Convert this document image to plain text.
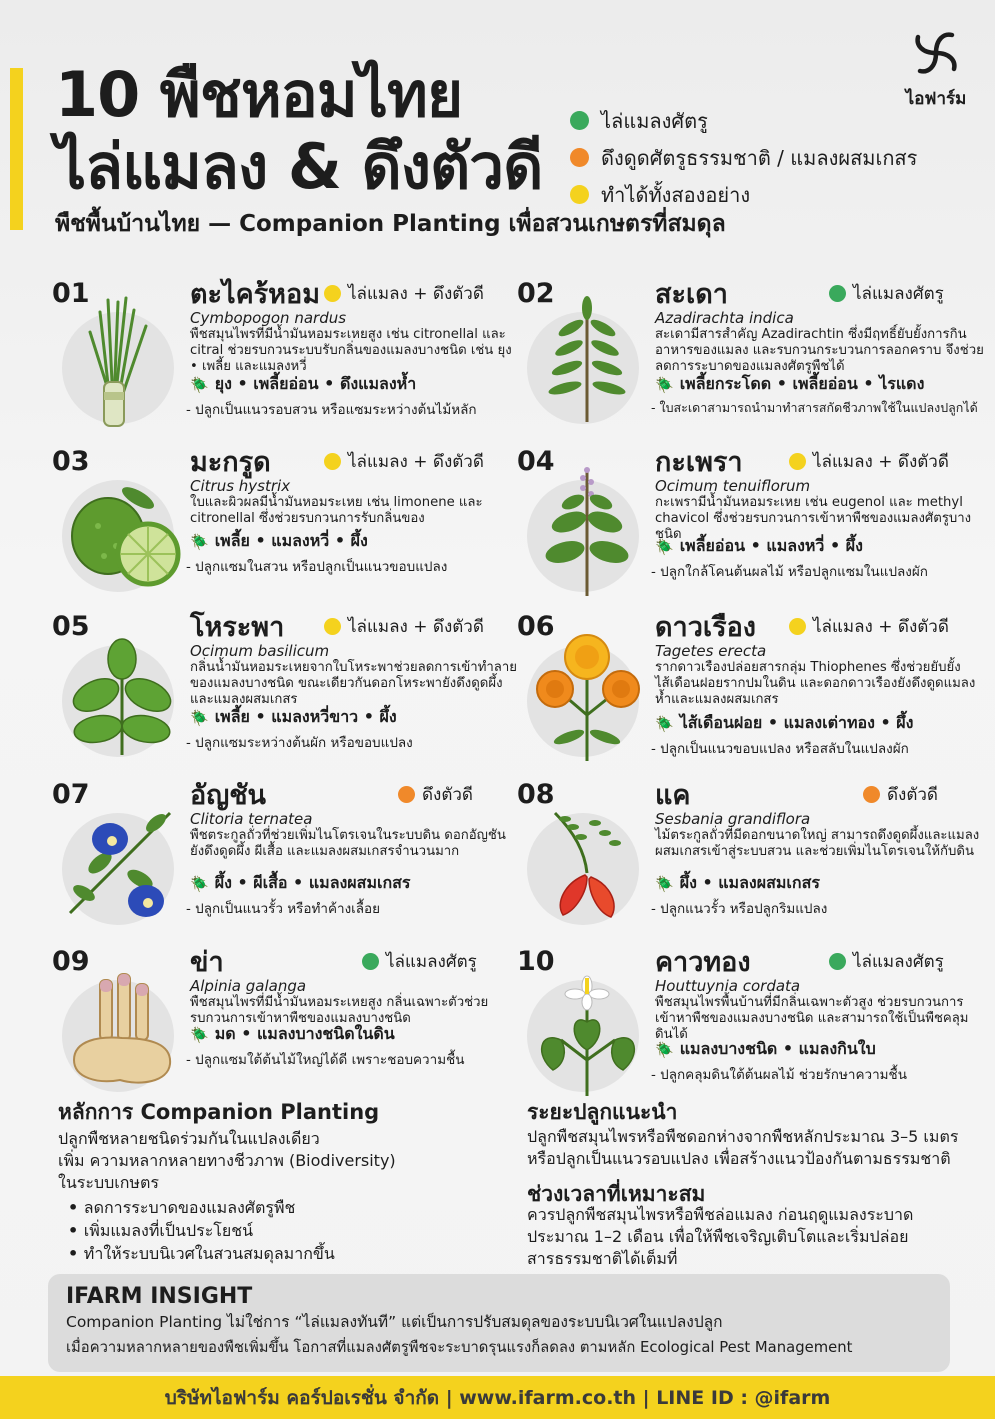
10 พืชหอมไทย
ไล่แมลง & ดึงตัวดี
พืชพื้นบ้านไทย — Companion Planting เพื่อสวนเกษตรที่สมดุล
ไล่แมลงศัตรู
ดึงดูดศัตรูธรรมชาติ / แมลงผสมเกสร
ทำได้ทั้งสองอย่าง
ไอฟาร์ม
01	ตะไคร้หอม ไล่แมลง + ดึงตัวดี
Cymbopogon nardus
พืชสมุนไพรที่มีน้ำมันหอมระเหยสูง เช่น citronellal และ citral ช่วยรบกวนระบบรับกลิ่นของแมลงบางชนิด เช่น ยุง • เพลี้ย และแมลงหวี่
🪲 ยุง • เพลี้ยอ่อน • ดึงแมลงห้ำ
- ปลูกเป็นแนวรอบสวน หรือแซมระหว่างต้นไม้หลัก
02	สะเดา	ไล่แมลงศัตรู
Azadirachta indica
สะเดามีสารสำคัญ Azadirachtin ซึ่งมีฤทธิ์ยับยั้งการกินอาหารของแมลง และรบกวนกระบวนการลอกคราบ จึงช่วยลดการระบาดของแมลงศัตรูพืชได้
🪲 เพลี้ยกระโดด • เพลี้ยอ่อน • ไรแดง
- ใบสะเดาสามารถนำมาทำสารสกัดชีวภาพใช้ในแปลงปลูกได้
03	มะกรูด	ไล่แมลง + ดึงตัวดี
Citrus hystrix
ใบและผิวผลมีน้ำมันหอมระเหย เช่น limonene และ citronellal ซึ่งช่วยรบกวนการรับกลิ่นของ
🪲 เพลี้ย • แมลงหวี่ • ผึ้ง
- ปลูกแซมในสวน หรือปลูกเป็นแนวขอบแปลง
04	กะเพรา	ไล่แมลง + ดึงตัวดี
Ocimum tenuiflorum
กะเพรามีน้ำมันหอมระเหย เช่น eugenol และ methyl chavicol ซึ่งช่วยรบกวนการเข้าหาพืชของแมลงศัตรูบางชนิด
🪲 เพลี้ยอ่อน • แมลงหวี่ • ผึ้ง
- ปลูกใกล้โคนต้นผลไม้ หรือปลูกแซมในแปลงผัก
05	โหระพา	ไล่แมลง + ดึงตัวดี
Ocimum basilicum
กลิ่นน้ำมันหอมระเหยจากใบโหระพาช่วยลดการเข้าทำลายของแมลงบางชนิด ขณะเดียวกันดอกโหระพายังดึงดูดผึ้งและแมลงผสมเกสร
🪲 เพลี้ย • แมลงหวี่ขาว • ผึ้ง
- ปลูกแซมระหว่างต้นผัก หรือขอบแปลง
06	ดาวเรือง	ไล่แมลง + ดึงตัวดี
Tagetes erecta
รากดาวเรืองปล่อยสารกลุ่ม Thiophenes ซึ่งช่วยยับยั้งไส้เดือนฝอยรากปมในดิน และดอกดาวเรืองยังดึงดูดแมลงห้ำและแมลงผสมเกสร
🪲 ไส้เดือนฝอย • แมลงเต่าทอง • ผึ้ง
- ปลูกเป็นแนวขอบแปลง หรือสลับในแปลงผัก
07	อัญชัน	ดึงตัวดี
Clitoria ternatea
พืชตระกูลถั่วที่ช่วยเพิ่มไนโตรเจนในระบบดิน ดอกอัญชันยังดึงดูดผึ้ง ผีเสื้อ และแมลงผสมเกสรจำนวนมาก
🪲 ผึ้ง • ผีเสื้อ • แมลงผสมเกสร
- ปลูกเป็นแนวรั้ว หรือทำค้างเลื้อย
08	แค	ดึงตัวดี
Sesbania grandiflora
ไม้ตระกูลถั่วที่มีดอกขนาดใหญ่ สามารถดึงดูดผึ้งและแมลงผสมเกสรเข้าสู่ระบบสวน และช่วยเพิ่มไนโตรเจนให้กับดิน
🪲 ผึ้ง • แมลงผสมเกสร
- ปลูกแนวรั้ว หรือปลูกริมแปลง
09	ข่า	ไล่แมลงศัตรู
Alpinia galanga
พืชสมุนไพรที่มีน้ำมันหอมระเหยสูง กลิ่นเฉพาะตัวช่วยรบกวนการเข้าหาพืชของแมลงบางชนิด
🪲 มด • แมลงบางชนิดในดิน
- ปลูกแซมใต้ต้นไม้ใหญ่ได้ดี เพราะชอบความชื้น
10	คาวทอง	ไล่แมลงศัตรู
Houttuynia cordata
พืชสมุนไพรพื้นบ้านที่มีกลิ่นเฉพาะตัวสูง ช่วยรบกวนการเข้าหาพืชของแมลงบางชนิด และสามารถใช้เป็นพืชคลุมดินได้
🪲 แมลงบางชนิด • แมลงกินใบ
- ปลูกคลุมดินใต้ต้นผลไม้ ช่วยรักษาความชื้น
หลักการ Companion Planting
ปลูกพืชหลายชนิดร่วมกันในแปลงเดียว
เพิ่ม ความหลากหลายทางชีวภาพ (Biodiversity)
ในระบบเกษตร
• ลดการระบาดของแมลงศัตรูพืช
• เพิ่มแมลงที่เป็นประโยชน์
• ทำให้ระบบนิเวศในสวนสมดุลมากขึ้น
ระยะปลูกแนะนำ
ปลูกพืชสมุนไพรหรือพืชดอกห่างจากพืชหลักประมาณ 3–5 เมตร
หรือปลูกเป็นแนวรอบแปลง เพื่อสร้างแนวป้องกันตามธรรมชาติ
ช่วงเวลาที่เหมาะสม
ควรปลูกพืชสมุนไพรหรือพืชล่อแมลง ก่อนฤดูแมลงระบาด
ประมาณ 1–2 เดือน เพื่อให้พืชเจริญเติบโตและเริ่มปล่อย
สารธรรมชาติได้เต็มที่
IFARM INSIGHT
Companion Planting ไม่ใช่การ “ไล่แมลงทันที” แต่เป็นการปรับสมดุลของระบบนิเวศในแปลงปลูก
เมื่อความหลากหลายของพืชเพิ่มขึ้น โอกาสที่แมลงศัตรูพืชจะระบาดรุนแรงก็ลดลง ตามหลัก Ecological Pest Management
บริษัทไอฟาร์ม คอร์ปอเรชั่น จำกัด | www.ifarm.co.th | LINE ID : @ifarm
